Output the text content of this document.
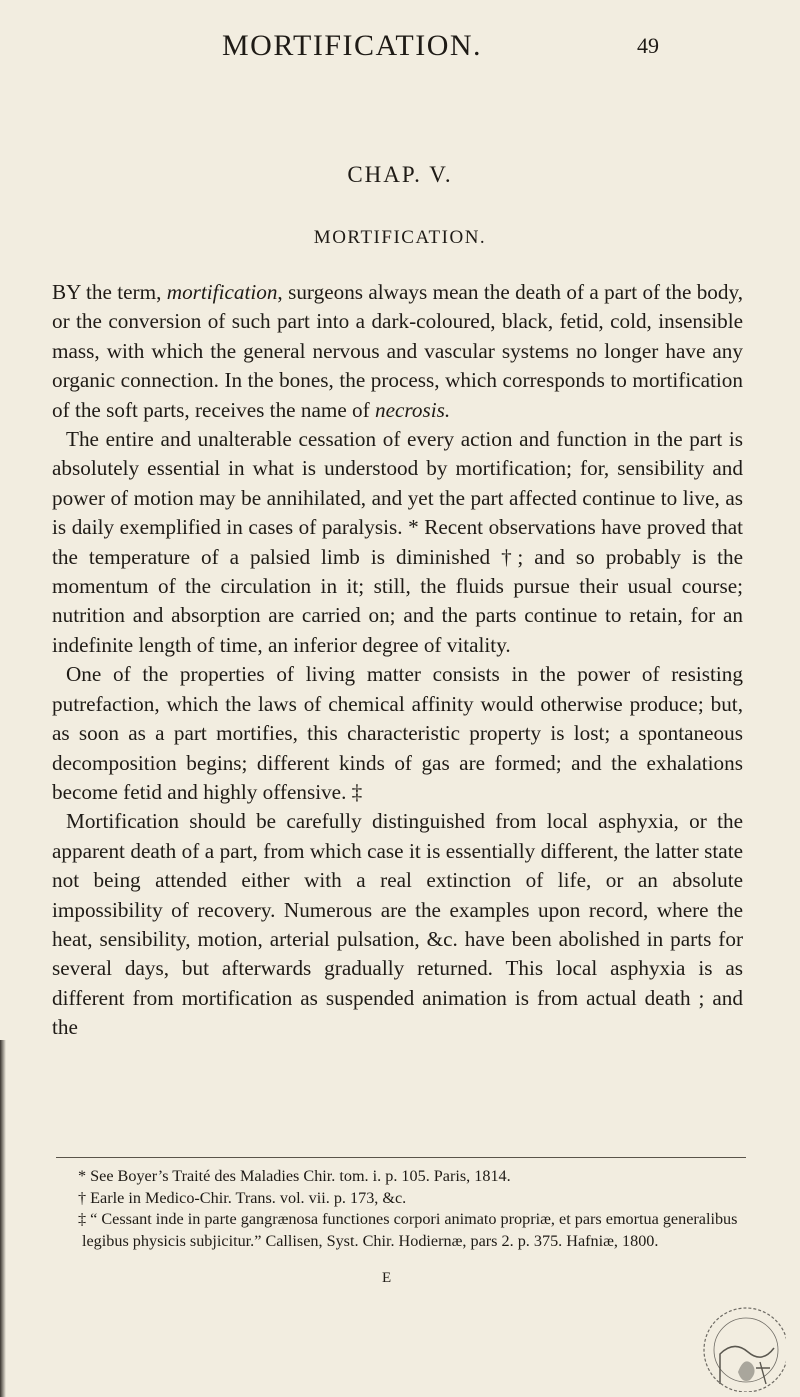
MORTIFICATION.	49
CHAP. V.
MORTIFICATION.

BY the term, mortification, surgeons always mean the death of a part of the body, or the conversion of such part into a dark-coloured, black, fetid, cold, insensible mass, with which the general nervous and vascular systems no longer have any organic connection. In the bones, the process, which corresponds to mortification of the soft parts, receives the name of necrosis.

The entire and unalterable cessation of every action and function in the part is absolutely essential in what is understood by mortification; for, sensibility and power of motion may be annihilated, and yet the part affected continue to live, as is daily exemplified in cases of paralysis. * Recent observations have proved that the temperature of a palsied limb is diminished †; and so probably is the momentum of the circulation in it; still, the fluids pursue their usual course; nutrition and absorption are carried on; and the parts continue to retain, for an indefinite length of time, an inferior degree of vitality.

One of the properties of living matter consists in the power of resisting putrefaction, which the laws of chemical affinity would otherwise produce; but, as soon as a part mortifies, this characteristic property is lost; a spontaneous decomposition begins; different kinds of gas are formed; and the exhalations become fetid and highly offensive. ‡

Mortification should be carefully distinguished from local asphyxia, or the apparent death of a part, from which case it is essentially different, the latter state not being attended either with a real extinction of life, or an absolute impossibility of recovery. Numerous are the examples upon record, where the heat, sensibility, motion, arterial pulsation, &c. have been abolished in parts for several days, but afterwards gradually returned. This local asphyxia is as different from mortification as suspended animation is from actual death ; and the

* See Boyer’s Traité des Maladies Chir. tom. i. p. 105. Paris, 1814.
† Earle in Medico-Chir. Trans. vol. vii. p. 173, &c.
‡ “ Cessant inde in parte gangrænosa functiones corpori animato propriæ, et pars emortua generalibus legibus physicis subjicitur.” Callisen, Syst. Chir. Hodiernæ, pars 2. p. 375. Hafniæ, 1800.
E
